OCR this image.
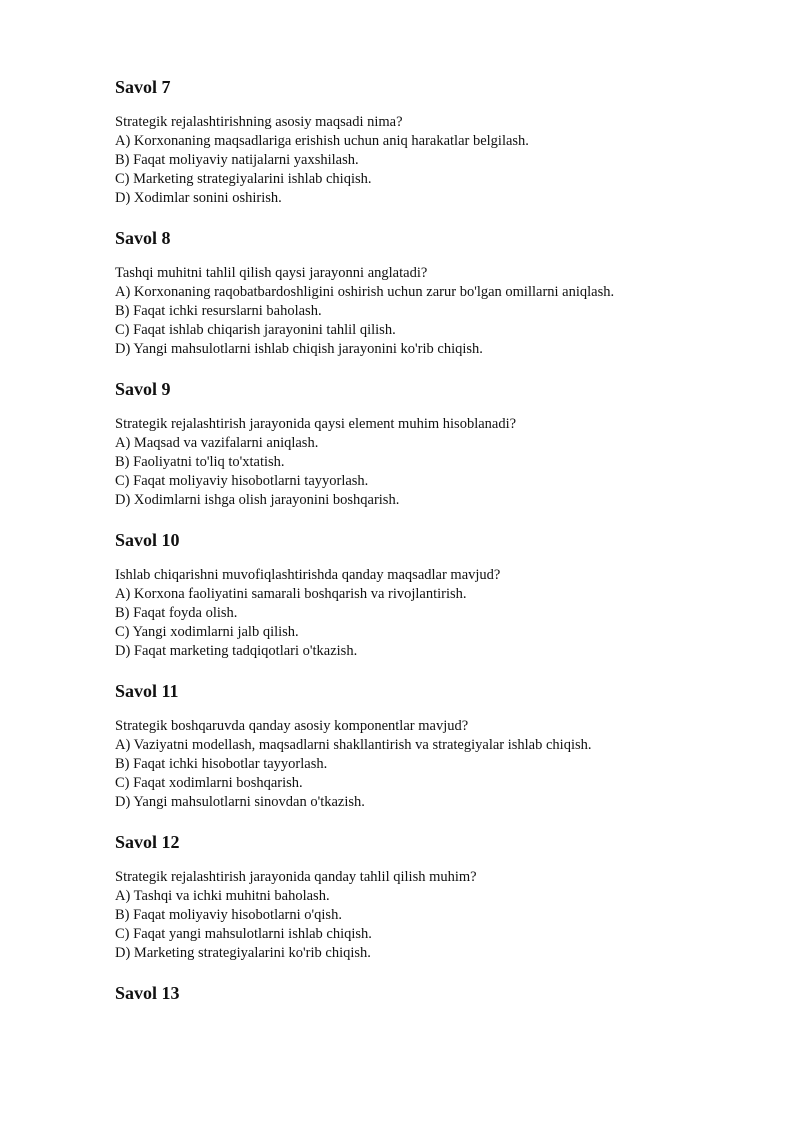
Savol 7

Strategik rejalashtirishning asosiy maqsadi nima?

A) Korxonaning maqsadlariga erishish uchun aniq harakatlar belgilash.

B) Faqat moliyaviy natijalarni yaxshilash.

C) Marketing strategiyalarini ishlab chiqish.

D) Xodimlar sonini oshirish.

Savol 8

Tashqi muhitni tahlil qilish qaysi jarayonni anglatadi?

A) Korxonaning raqobatbardoshligini oshirish uchun zarur bo'lgan omillarni aniqlash.

B) Faqat ichki resurslarni baholash.

C) Faqat ishlab chiqarish jarayonini tahlil qilish.

D) Yangi mahsulotlarni ishlab chiqish jarayonini ko'rib chiqish.

Savol 9

Strategik rejalashtirish jarayonida qaysi element muhim hisoblanadi?

A) Maqsad va vazifalarni aniqlash.

B) Faoliyatni to'liq to'xtatish.

C) Faqat moliyaviy hisobotlarni tayyorlash.

D) Xodimlarni ishga olish jarayonini boshqarish.

Savol 10

Ishlab chiqarishni muvofiqlashtirishda qanday maqsadlar mavjud?

A) Korxona faoliyatini samarali boshqarish va rivojlantirish.

B) Faqat foyda olish.

C) Yangi xodimlarni jalb qilish.

D) Faqat marketing tadqiqotlari o'tkazish.

Savol 11

Strategik boshqaruvda qanday asosiy komponentlar mavjud?

A) Vaziyatni modellash, maqsadlarni shakllantirish va strategiyalar ishlab chiqish.

B) Faqat ichki hisobotlar tayyorlash.

C) Faqat xodimlarni boshqarish.

D) Yangi mahsulotlarni sinovdan o'tkazish.

Savol 12

Strategik rejalashtirish jarayonida qanday tahlil qilish muhim?

A) Tashqi va ichki muhitni baholash.

B) Faqat moliyaviy hisobotlarni o'qish.

C) Faqat yangi mahsulotlarni ishlab chiqish.

D) Marketing strategiyalarini ko'rib chiqish.

Savol 13
